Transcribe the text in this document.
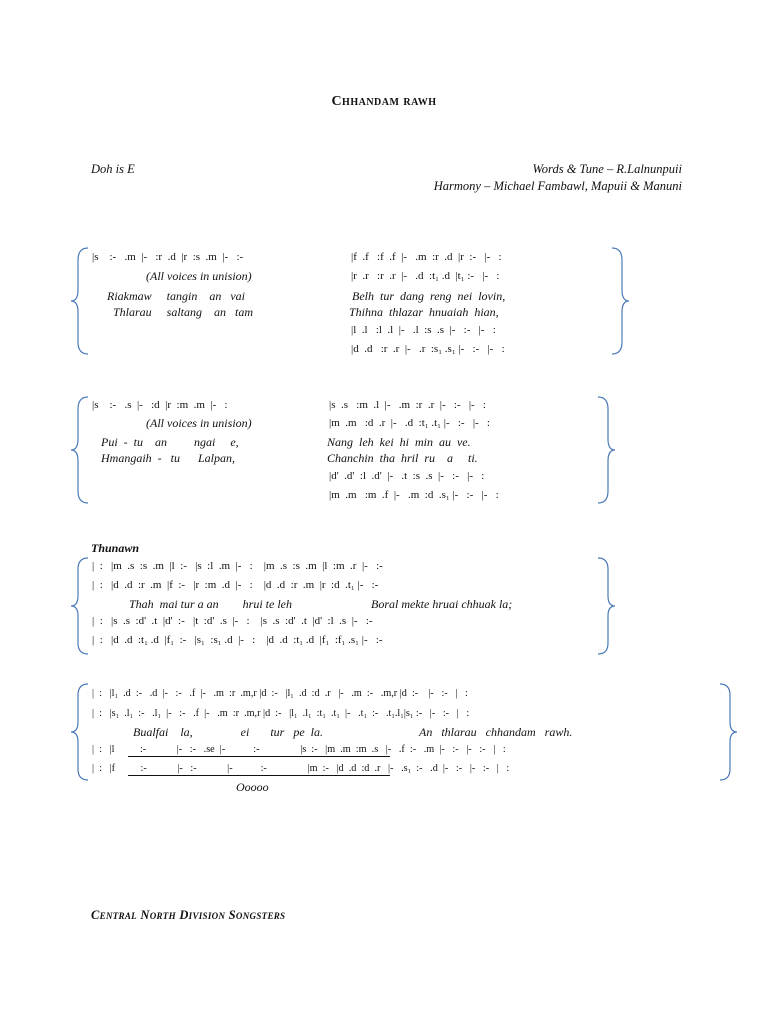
Chhandam rawh
Doh is E	Words & Tune – R.Lalnunpuii
Harmony – Michael Fambawl, Mapuii & Manuni
|s    :-   .m  |-   :r  .d  |r  :s  .m  |-   :-
(All voices in unision)
Riakmaw     tangin    an   vai
Thlarau     saltang    an   tam
|f  .f   :f  .f  |-   .m  :r  .d  |r  :-   |-   :
|r  .r   :r  .r  |-   .d  :t₁ .d  |t₁ :-   |-   :
Belh  tur  dang  reng  nei  lovin,
Thihna  thlazar  hnuaiah  hian,
|l  .l   :l  .l  |-   .l  :s  .s  |-   :-   |-   :
|d  .d   :r  .r  |-   .r  :s₁ .s₁ |-   :-   |-   :
|s    :-   .s  |-   :d  |r  :m  .m  |-   :
(All voices in unision)
Pui  -  tu    an         ngai     e,
Hmangaih  -   tu      Lalpan,
|s  .s   :m  .l  |-   .m  :r  .r  |-   :-   |-   :
|m  .m   :d  .r  |-   .d  :t₁ .t₁ |-   :-   |-   :
Nang  leh  kei  hi  min  au  ve.
Chanchin  tha  hril  ru    a     ti.
|d'  .d'  :l  .d'  |-   .t  :s  .s  |-   :-   |-   :
|m  .m   :m  .f  |-   .m  :d  .s₁ |-   :-   |-   :
Thunawn
|  :   |m  .s  :s  .m  |l  :-   |s  :l  .m  |-   :    |m  .s  :s  .m  |l  :m  .r  |-   :-
|  :   |d  .d  :r  .m  |f  :-   |r  :m  .d  |-   :    |d  .d  :r  .m  |r  :d  .t₁ |-   :-
Thah  mai tur a an        hrui te leh	Boral mekte hruai chhuak la;
|  :   |s  .s  :d'  .t  |d'  :-   |t  :d'  .s  |-   :    |s  .s  :d'  .t  |d'  :l  .s  |-   :-
|  :   |d  .d  :t₁ .d  |f₁  :-   |s₁  :s₁ .d  |-   :    |d  .d  :t₁ .d  |f₁  :f₁ .s₁ |-   :-
|  :   |l₁  .d  :-   .d  |-   :-   .f  |-   .m  :r  .m,r |d  :-   |l₁  .d  :d  .r   |-   .m  :-   .m,r |d  :-    |-   :-   |   :
|  :   |s₁  .l₁  :-   .l₁  |-   :-   .f  |-   .m  :r  .m,r |d  :-   |l₁  .l₁  :t₁  .t₁  |-   .t₁  :-   .t₁.l₁|s₁ :-   |-   :-   |   :
Bualfai    la,                ei       tur   pe  la.	An   thlarau   chhandam   rawh.
|  :   |l          :-            |-   :-   .se  |-           :-                |s  :-   |m  .m  :m  .s   |-   .f  :-   .m  |-   :-   |-   :-   |   :
|  :   |f          :-            |-   :-            |-           :-                |m  :-   |d  .d  :d  .r   |-   .s₁  :-   .d  |-   :-   |-   :-   |   :
Ooooo
Central North Division Songsters
